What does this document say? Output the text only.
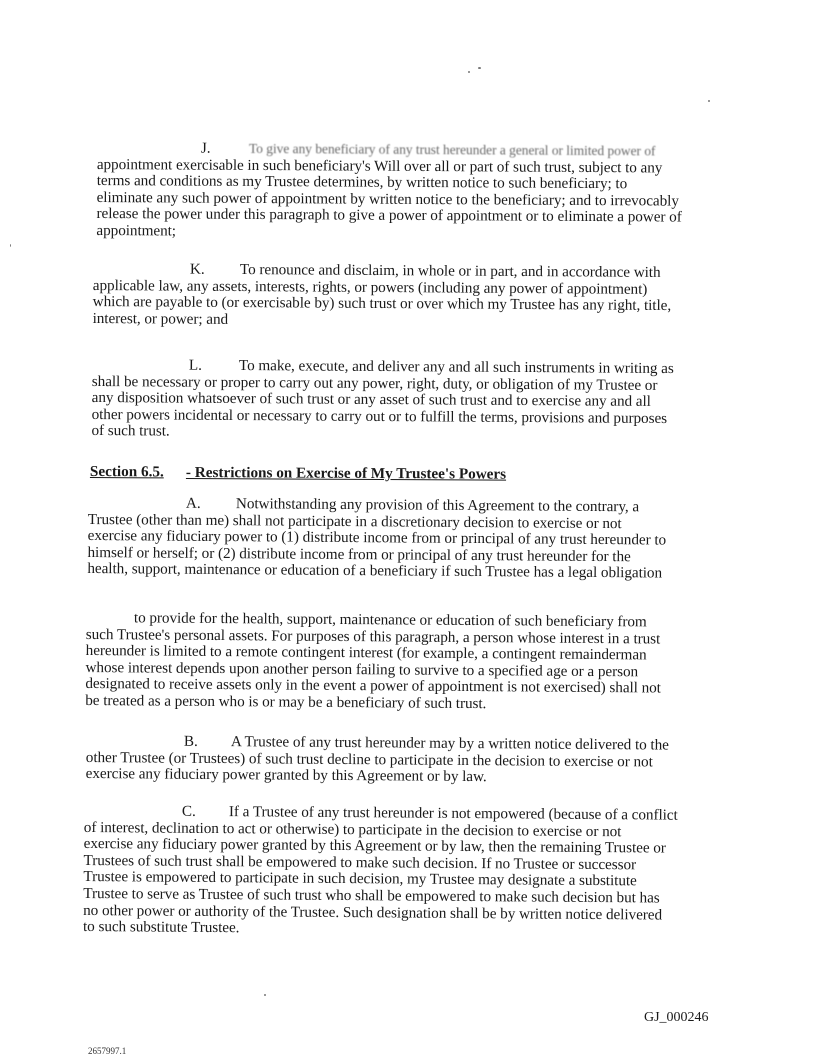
J.	To give any beneficiary of any trust hereunder a general or limited power of
appointment exercisable in such beneficiary's Will over all or part of such trust, subject to any
terms and conditions as my Trustee determines, by written notice to such beneficiary; to
eliminate any such power of appointment by written notice to the beneficiary; and to irrevocably
release the power under this paragraph to give a power of appointment or to eliminate a power of
appointment;
K. To renounce and disclaim, in whole or in part, and in accordance with
applicable law, any assets, interests, rights, or powers (including any power of appointment)
which are payable to (or exercisable by) such trust or over which my Trustee has any right, title,
interest, or power; and
L. To make, execute, and deliver any and all such instruments in writing as
shall be necessary or proper to carry out any power, right, duty, or obligation of my Trustee or
any disposition whatsoever of such trust or any asset of such trust and to exercise any and all
other powers incidental or necessary to carry out or to fulfill the terms, provisions and purposes
of such trust.
Section 6.5. - Restrictions on Exercise of My Trustee's Powers
A. Notwithstanding any provision of this Agreement to the contrary, a
Trustee (other than me) shall not participate in a discretionary decision to exercise or not
exercise any fiduciary power to (1) distribute income from or principal of any trust hereunder to
himself or herself; or (2) distribute income from or principal of any trust hereunder for the
health, support, maintenance or education of a beneficiary if such Trustee has a legal obligation
to provide for the health, support, maintenance or education of such beneficiary from
such Trustee's personal assets. For purposes of this paragraph, a person whose interest in a trust
hereunder is limited to a remote contingent interest (for example, a contingent remainderman
whose interest depends upon another person failing to survive to a specified age or a person
designated to receive assets only in the event a power of appointment is not exercised) shall not
be treated as a person who is or may be a beneficiary of such trust.
B. A Trustee of any trust hereunder may by a written notice delivered to the
other Trustee (or Trustees) of such trust decline to participate in the decision to exercise or not
exercise any fiduciary power granted by this Agreement or by law.
C. If a Trustee of any trust hereunder is not empowered (because of a conflict
of interest, declination to act or otherwise) to participate in the decision to exercise or not
exercise any fiduciary power granted by this Agreement or by law, then the remaining Trustee or
Trustees of such trust shall be empowered to make such decision. If no Trustee or successor
Trustee is empowered to participate in such decision, my Trustee may designate a substitute
Trustee to serve as Trustee of such trust who shall be empowered to make such decision but has
no other power or authority of the Trustee. Such designation shall be by written notice delivered
to such substitute Trustee.
GJ_000246
2657997.1
